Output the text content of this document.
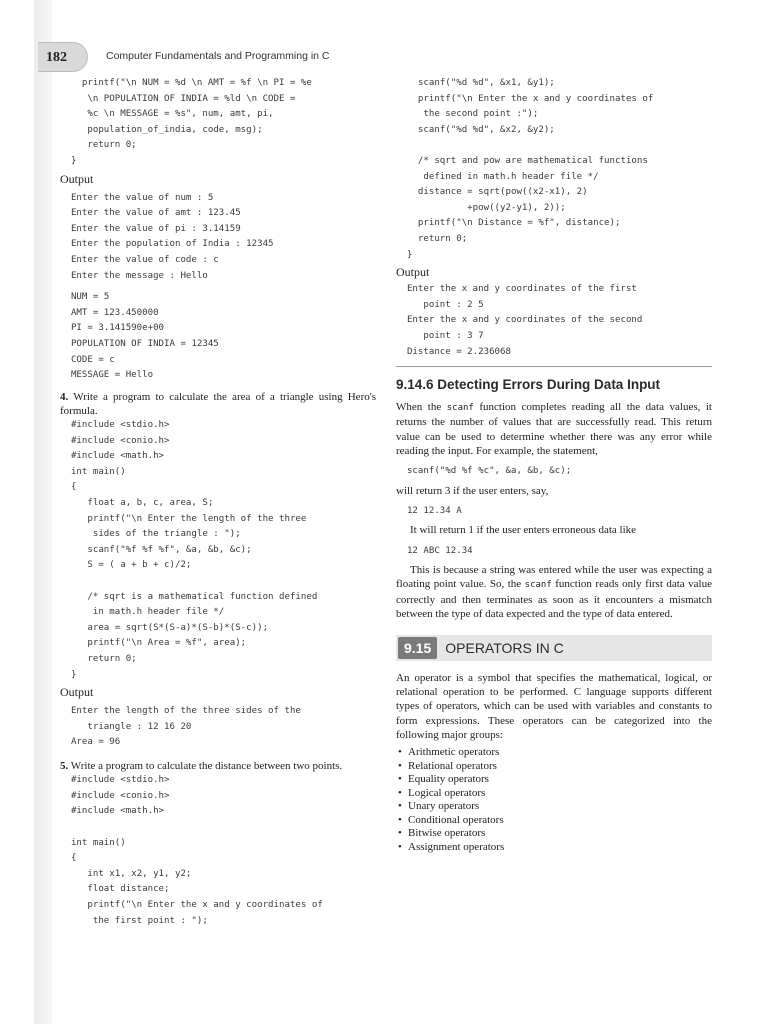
182	Computer Fundamentals and Programming in C
printf("\n NUM = %d \n AMT = %f \n PI = %e
\n POPULATION OF INDIA = %ld \n CODE =
%c \n MESSAGE = %s", num, amt, pi,
population_of_india, code, msg);
return 0;
}
Output
Enter the value of num : 5
Enter the value of amt : 123.45
Enter the value of pi : 3.14159
Enter the population of India : 12345
Enter the value of code : c
Enter the message : Hello
NUM = 5
AMT = 123.450000
PI = 3.141590e+00
POPULATION OF INDIA = 12345
CODE = c
MESSAGE = Hello

4. Write a program to calculate the area of a triangle using Hero's formula.

#include <stdio.h>
#include <conio.h>
#include <math.h>
int main()
{
float a, b, c, area, S;
printf("\n Enter the length of the three
sides of the triangle : ");
scanf("%f %f %f", &a, &b, &c);
S = ( a + b + c)/2;

/* sqrt is a mathematical function defined
in math.h header file */
area = sqrt(S*(S-a)*(S-b)*(S-c));
printf("\n Area = %f", area);
return 0;
}
Output
Enter the length of the three sides of the
triangle : 12 16 20
Area = 96

5. Write a program to calculate the distance between two points.

#include <stdio.h>
#include <conio.h>
#include <math.h>

int main()
{
int x1, x2, y1, y2;
float distance;
printf("\n Enter the x and y coordinates of
the first point : ");
scanf("%d %d", &x1, &y1);
printf("\n Enter the x and y coordinates of
the second point :");
scanf("%d %d", &x2, &y2);

/* sqrt and pow are mathematical functions
defined in math.h header file */
distance = sqrt(pow((x2-x1), 2)
+pow((y2-y1), 2));
printf("\n Distance = %f", distance);
return 0;
}
Output
Enter the x and y coordinates of the first
point : 2 5
Enter the x and y coordinates of the second
point : 3 7
Distance = 2.236068
9.14.6 Detecting Errors During Data Input

When the scanf function completes reading all the data values, it returns the number of values that are successfully read. This return value can be used to determine whether there was any error while reading the input. For example, the statement,

scanf("%d %f %c", &a, &b, &c);

will return 3 if the user enters, say,

12 12.34 A

It will return 1 if the user enters erroneous data like

12 ABC 12.34

This is because a string was entered while the user was expecting a floating point value. So, the scanf function reads only first data value correctly and then terminates as soon as it encounters a mismatch between the type of data expected and the type of data entered.

9.15	OPERATORS IN C

An operator is a symbol that specifies the mathematical, logical, or relational operation to be performed. C language supports different types of operators, which can be used with variables and constants to form expressions. These operators can be categorized into the following major groups:

• Arithmetic operators
• Relational operators
• Equality operators
• Logical operators
• Unary operators
• Conditional operators
• Bitwise operators
• Assignment operators
